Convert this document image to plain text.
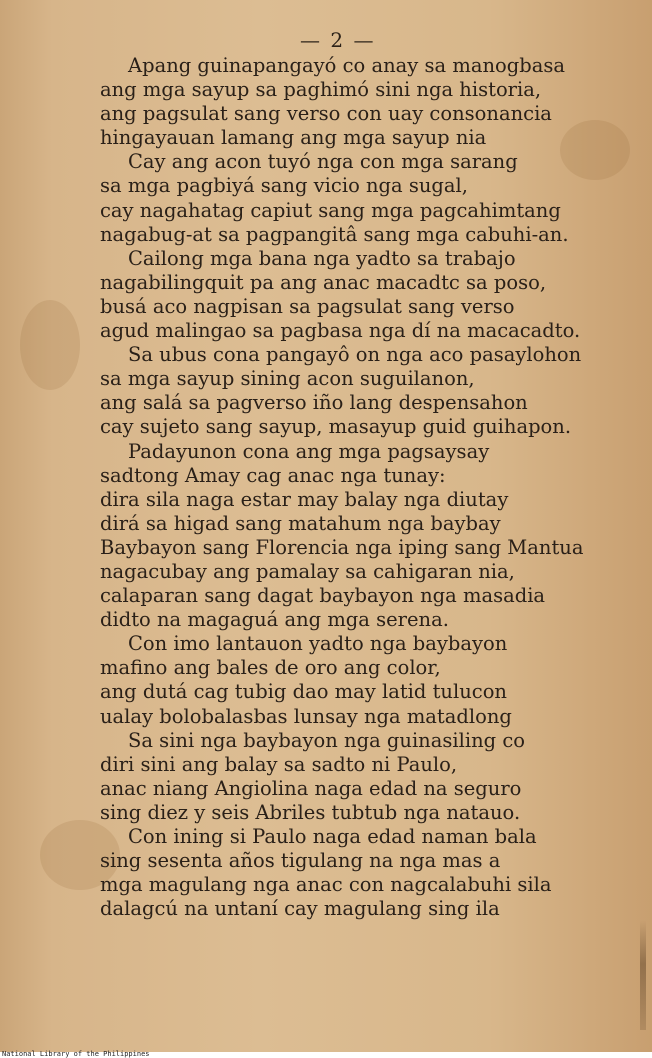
— 2 —
Apang guinapangayó co anay sa manogbasa
ang mga sayup sa paghimó sini nga historia,
ang pagsulat sang verso con uay consonancia
hingayauan lamang ang mga sayup nia
Cay ang acon tuyó nga con mga sarang
sa mga pagbiyá sang vicio nga sugal,
cay nagahatag capiut sang mga pagcahimtang
nagabug-at sa pagpangitâ sang mga cabuhi-an.
Cailong mga bana nga yadto sa trabajo
nagabilingquit pa ang anac macadtc sa poso,
busá aco nagpisan sa pagsulat sang verso
agud malingao sa pagbasa nga dí na macacadto.
Sa ubus cona pangayô on nga aco pasaylohon
sa mga sayup sining acon suguilanon,
ang salá sa pagverso iño lang despensahon
cay sujeto sang sayup, masayup guid guihapon.
Padayunon cona ang mga pagsaysay
sadtong Amay cag anac nga tunay:
dira sila naga estar may balay nga diutay
dirá sa higad sang matahum nga baybay
Baybayon sang Florencia nga iping sang Mantua
nagacubay ang pamalay sa cahigaran nia,
calaparan sang dagat baybayon nga masadia
didto na magaguá ang mga serena.
Con imo lantauon yadto nga baybayon
mafino ang bales de oro ang color,
ang dutá cag tubig dao may latid tulucon
ualay bolobalasbas lunsay nga matadlong
Sa sini nga baybayon nga guinasiling co
diri sini ang balay sa sadto ni Paulo,
anac niang Angiolina naga edad na seguro
sing diez y seis Abriles tubtub nga natauo.
Con ining si Paulo naga edad naman bala
sing sesenta años tigulang na nga mas a
mga magulang nga anac con nagcalabuhi sila
dalagcú na untaní cay magulang sing ila
National Library of the Philippines
